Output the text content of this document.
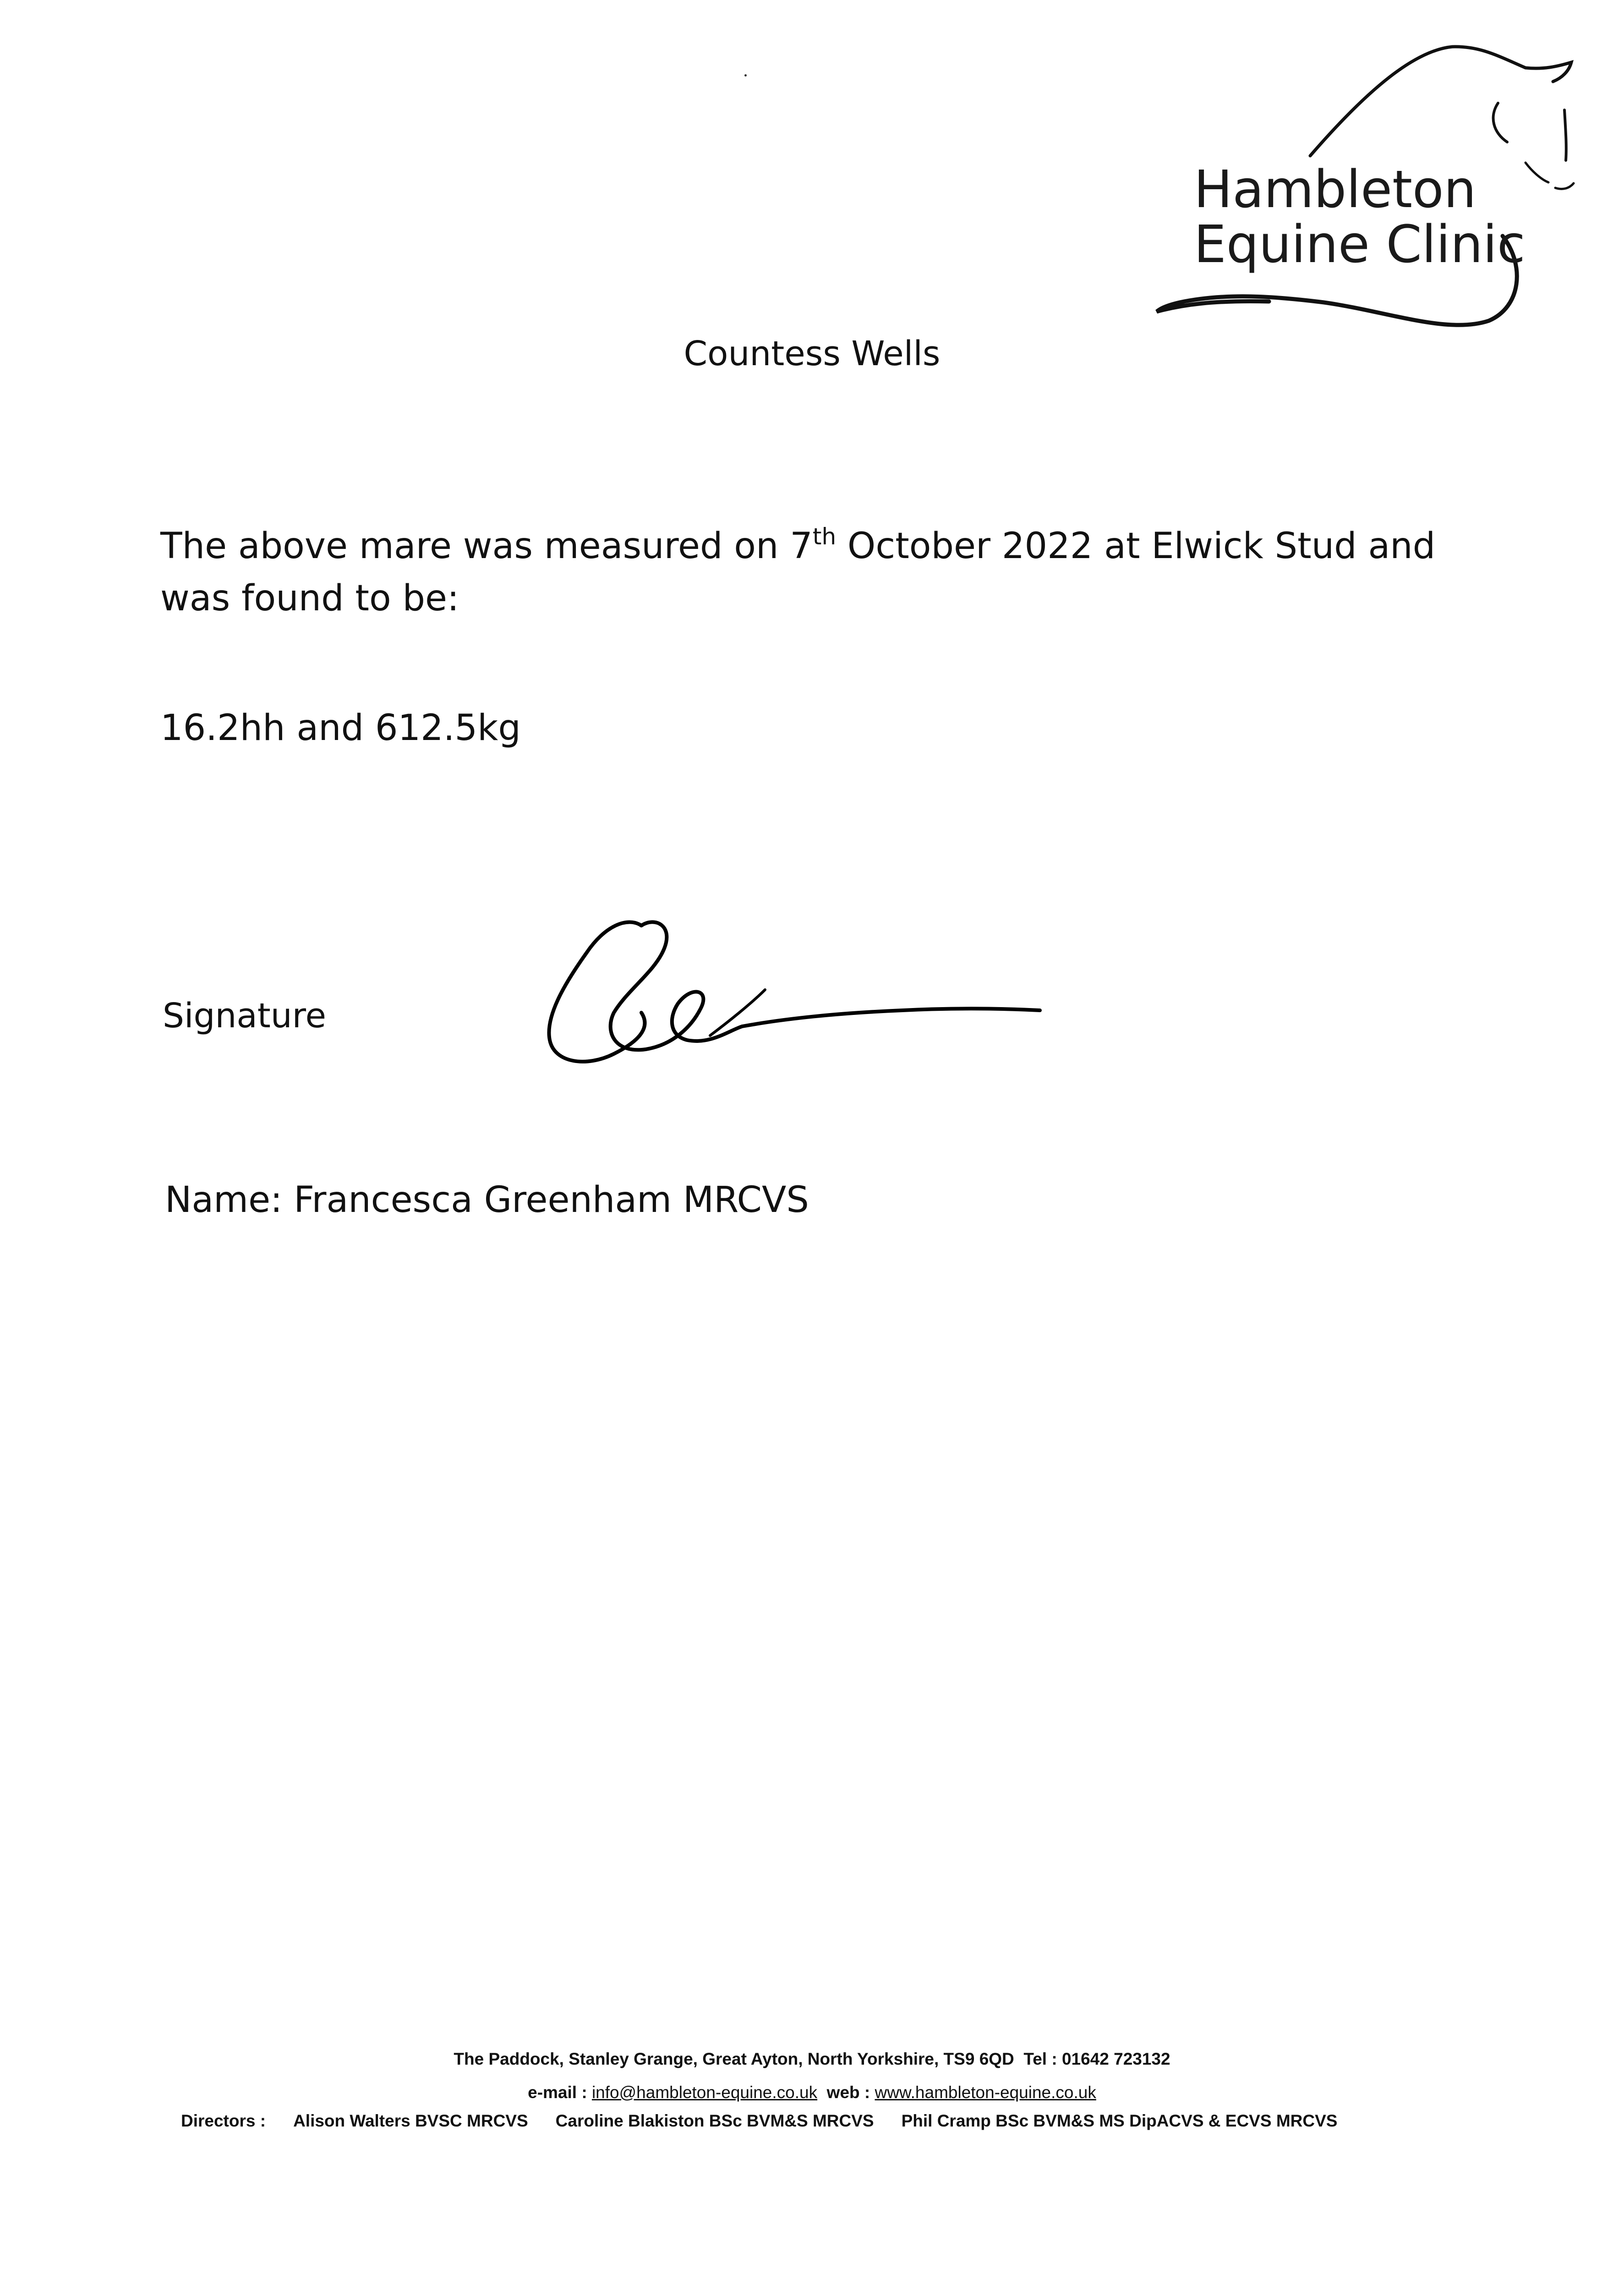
Hambleton
Equine Clinic
Countess Wells
The above mare was measured on 7th October 2022 at Elwick Stud and was found to be:
16.2hh and 612.5kg
Signature
Name: Francesca Greenham MRCVS
The Paddock, Stanley Grange, Great Ayton, North Yorkshire, TS9 6QD Tel : 01642 723132
e-mail : info@hambleton-equine.co.uk web : www.hambleton-equine.co.uk
Directors : Alison Walters BVSC MRCVS Caroline Blakiston BSc BVM&S MRCVS Phil Cramp BSc BVM&S MS DipACVS & ECVS MRCVS
